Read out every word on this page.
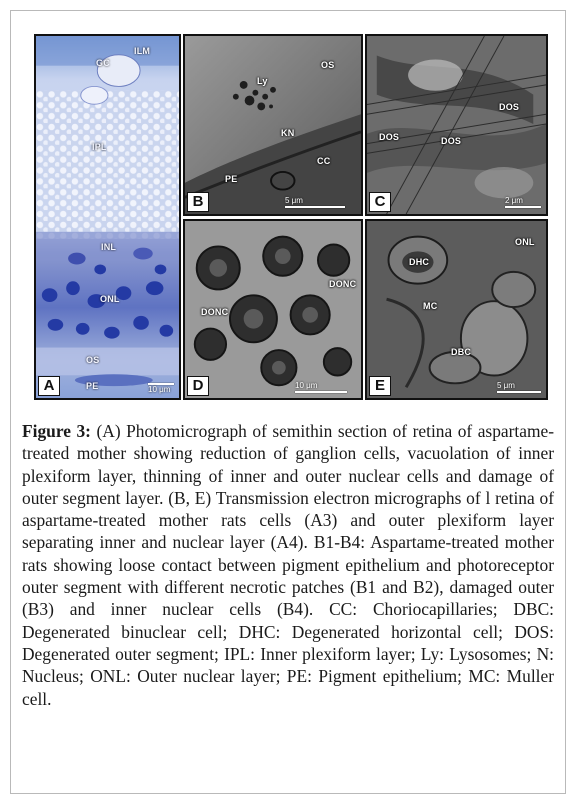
ILM
GC
IPL
INL
ONL
OS
PE	10 μm
A
Ly
OS
KN
CC
PE
5 μm
B
DOS
DOS	DOS
2 μm
C
DONC
DONC
10 μm
D
DHC
ONL
MC
DBC
5 μm
E
Figure 3: (A) Photomicrograph of semithin section of retina of aspartame-treated mother showing reduction of ganglion cells, vacuolation of inner plexiform layer, thinning of inner and outer nuclear cells and damage of outer segment layer. (B, E) Transmission electron micrographs of l retina of aspartame-treated mother rats cells (A3) and outer plexiform layer separating inner and nuclear layer (A4). B1-B4: Aspartame-treated mother rats showing loose contact between pigment epithelium and photoreceptor outer segment with different necrotic patches (B1 and B2), damaged outer (B3) and inner nuclear cells (B4). CC: Choriocapillaries; DBC: Degenerated binuclear cell; DHC: Degenerated horizontal cell; DOS: Degenerated outer segment; IPL: Inner plexiform layer; Ly: Lysosomes; N: Nucleus; ONL: Outer nuclear layer; PE: Pigment epithelium; MC: Muller cell.
